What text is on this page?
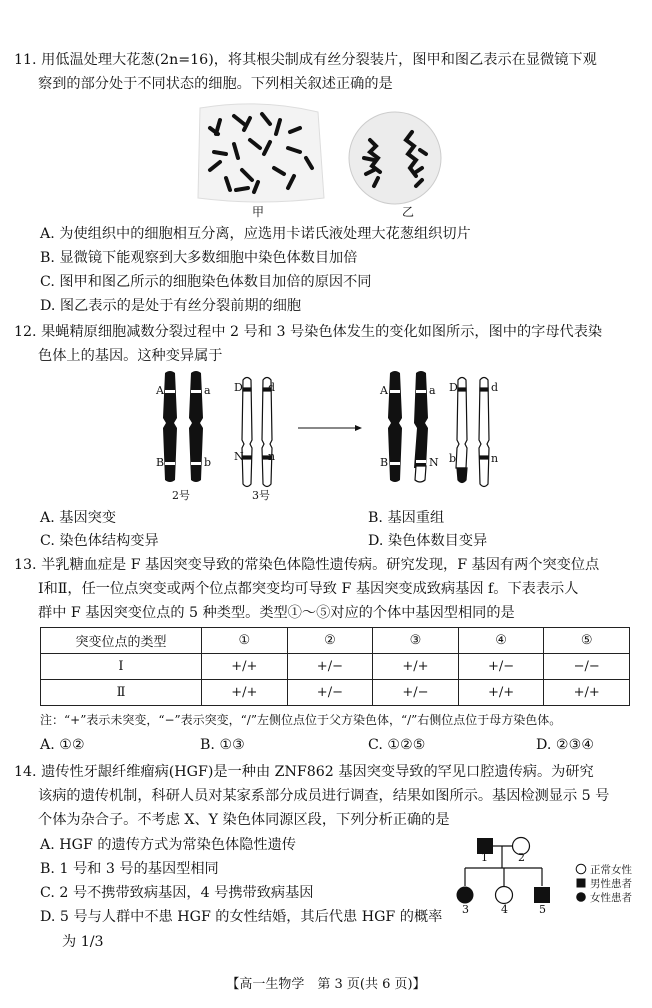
11. 用低温处理大花葱(2n=16)，将其根尖制成有丝分裂装片，图甲和图乙表示在显微镜下观
察到的部分处于不同状态的细胞。下列相关叙述正确的是
甲	乙
A. 为使组织中的细胞相互分离，应选用卡诺氏液处理大花葱组织切片
B. 显微镜下能观察到大多数细胞中染色体数目加倍
C. 图甲和图乙所示的细胞染色体数目加倍的原因不同
D. 图乙表示的是处于有丝分裂前期的细胞
12. 果蝇精原细胞减数分裂过程中 2 号和 3 号染色体发生的变化如图所示，图中的字母代表染
色体上的基因。这种变异属于
A	a
B	b
D d
N n
A	a
B	N
D	d
b	n
2号	3号
A. 基因突变	B. 基因重组
C. 染色体结构变异	D. 染色体数目变异
13. 半乳糖血症是 F 基因突变导致的常染色体隐性遗传病。研究发现，F 基因有两个突变位点
Ⅰ和Ⅱ，任一位点突变或两个位点都突变均可导致 F 基因突变成致病基因 f。下表表示人
群中 F 基因突变位点的 5 种类型。类型①～⑤对应的个体中基因型相同的是
突变位点的类型	①	②	③	④	⑤
Ⅰ	+/+	+/−	+/+	+/−	−/−
Ⅱ	+/+	+/−	+/−	+/+	+/+
注：“+”表示未突变，“−”表示突变，“/”左侧位点位于父方染色体，“/”右侧位点位于母方染色体。
A. ①②	B. ①③	C. ①②⑤	D. ②③④
14. 遗传性牙龈纤维瘤病(HGF)是一种由 ZNF862 基因突变导致的罕见口腔遗传病。为研究
该病的遗传机制，科研人员对某家系部分成员进行调查，结果如图所示。基因检测显示 5 号
个体为杂合子。不考虑 X、Y 染色体同源区段，下列分析正确的是
A. HGF 的遗传方式为常染色体隐性遗传
B. 1 号和 3 号的基因型相同
C. 2 号不携带致病基因，4 号携带致病基因
D. 5 号与人群中不患 HGF 的女性结婚，其后代患 HGF 的概率
为 1/3
1	2
3	4	5
正常女性
男性患者
女性患者
【高一生物学　第 3 页(共 6 页)】
